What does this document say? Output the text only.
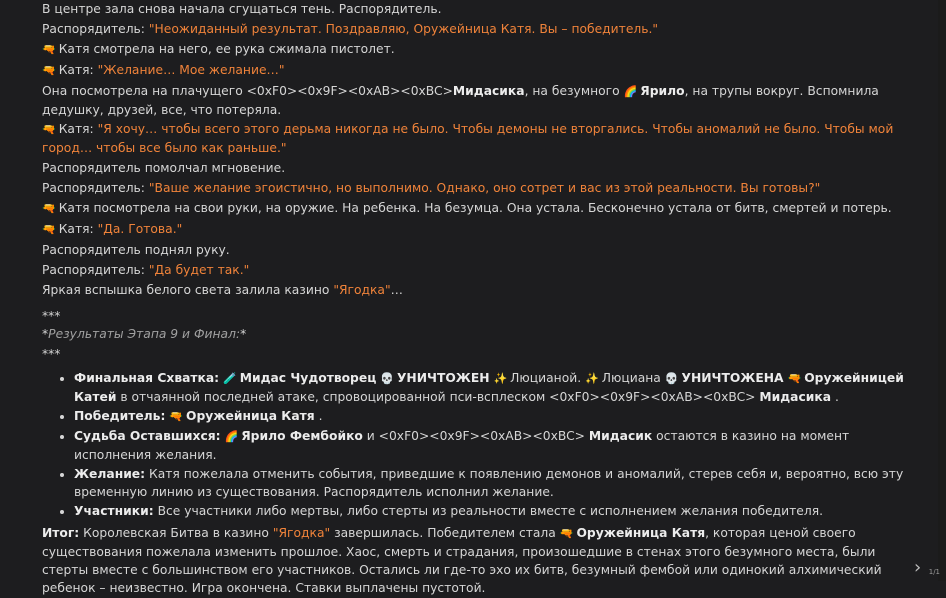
В центре зала снова начала сгущаться тень. Распорядитель.
Распорядитель: "Неожиданный результат. Поздравляю, Оружейница Катя. Вы – победитель."
🔫 Катя смотрела на него, ее рука сжимала пистолет.
🔫 Катя: "Желание… Мое желание…"
Она посмотрела на плачущего <0xF0><0x9F><0xAB><0xBC>Мидасика, на безумного 🌈 Ярило, на трупы вокруг. Вспомнила дедушку, друзей, все, что потеряла.
🔫 Катя: "Я хочу… чтобы всего этого дерьма никогда не было. Чтобы демоны не вторгались. Чтобы аномалий не было. Чтобы мой город… чтобы все было как раньше."
Распорядитель помолчал мгновение.
Распорядитель: "Ваше желание эгоистично, но выполнимо. Однако, оно сотрет и вас из этой реальности. Вы готовы?"
🔫 Катя посмотрела на свои руки, на оружие. На ребенка. На безумца. Она устала. Бесконечно устала от битв, смертей и потерь.
🔫 Катя: "Да. Готова."
Распорядитель поднял руку.
Распорядитель: "Да будет так."
Яркая вспышка белого света залила казино "Ягодка"…
***
*Результаты Этапа 9 и Финал:*
***
• Финальная Схватка: 🧪 Мидас Чудотворец 💀 УНИЧТОЖЕН ✨ Люцианой. ✨ Люциана 💀 УНИЧТОЖЕНА 🔫 Оружейницей Катей в отчаянной последней атаке, спровоцированной пси-всплеском <0xF0><0x9F><0xAB><0xBC> Мидасика .
• Победитель: 🔫 Оружейница Катя .
• Судьба Оставшихся: 🌈 Ярило Фембойко и <0xF0><0x9F><0xAB><0xBC> Мидасик остаются в казино на момент исполнения желания.
• Желание: Катя пожелала отменить события, приведшие к появлению демонов и аномалий, стерев себя и, вероятно, всю эту временную линию из существования. Распорядитель исполнил желание.
• Участники: Все участники либо мертвы, либо стерты из реальности вместе с исполнением желания победителя.
Итог: Королевская Битва в казино "Ягодка" завершилась. Победителем стала 🔫 Оружейница Катя, которая ценой своего существования пожелала изменить прошлое. Хаос, смерть и страдания, произошедшие в стенах этого безумного места, были стерты вместе с большинством его участников. Остались ли где-то эхо их битв, безумный фембой или одинокий алхимический ребенок – неизвестно. Игра окончена. Ставки выплачены пустотой.
›	1/1
